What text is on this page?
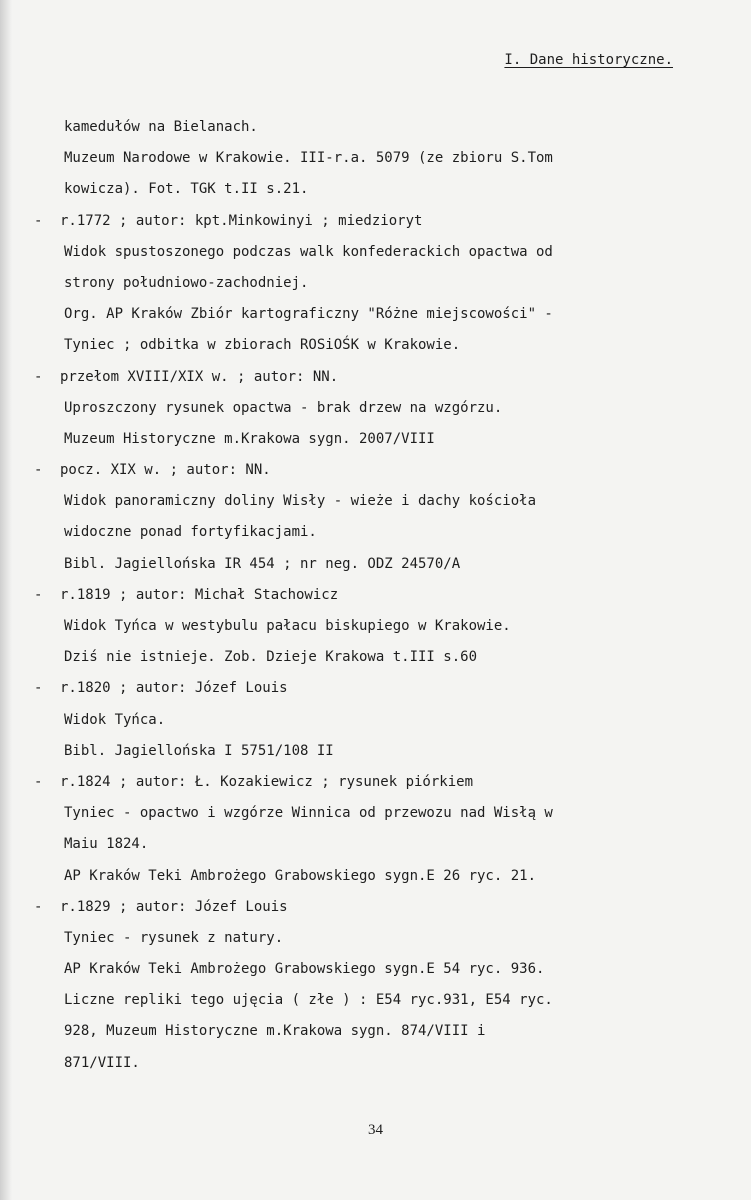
I. Dane historyczne.
kamedułów na Bielanach.
Muzeum Narodowe w Krakowie. III-r.a. 5079 (ze zbioru S.Tom
kowicza). Fot. TGK t.II s.21.
- r.1772 ; autor: kpt.Minkowinyi ; miedzioryt
Widok spustoszonego podczas walk konfederackich opactwa od
strony południowo-zachodniej.
Org. AP Kraków Zbiór kartograficzny "Różne miejscowości" -
Tyniec ; odbitka w zbiorach ROSiOŚK w Krakowie.
- przełom XVIII/XIX w. ; autor: NN.
Uproszczony rysunek opactwa - brak drzew na wzgórzu.
Muzeum Historyczne m.Krakowa sygn. 2007/VIII
- pocz. XIX w. ; autor: NN.
Widok panoramiczny doliny Wisły - wieże i dachy kościoła
widoczne ponad fortyfikacjami.
Bibl. Jagiellońska IR 454 ; nr neg. ODZ 24570/A
- r.1819 ; autor: Michał Stachowicz
Widok Tyńca w westybulu pałacu biskupiego w Krakowie.
Dziś nie istnieje. Zob. Dzieje Krakowa t.III s.60
- r.1820 ; autor: Józef Louis
Widok Tyńca.
Bibl. Jagiellońska I 5751/108 II
- r.1824 ; autor: Ł. Kozakiewicz ; rysunek piórkiem
Tyniec - opactwo i wzgórze Winnica od przewozu nad Wisłą w
Maiu 1824.
AP Kraków Teki Ambrożego Grabowskiego sygn.E 26 ryc. 21.
- r.1829 ; autor: Józef Louis
Tyniec - rysunek z natury.
AP Kraków Teki Ambrożego Grabowskiego sygn.E 54 ryc. 936.
Liczne repliki tego ujęcia ( złe ) : E54 ryc.931, E54 ryc.
928, Muzeum Historyczne m.Krakowa sygn. 874/VIII i
871/VIII.
34
